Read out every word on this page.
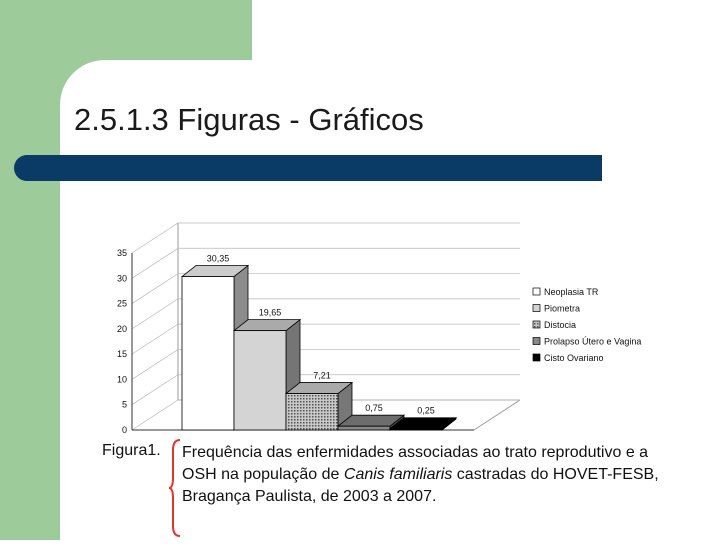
2.5.1.3 Figuras - Gráficos
0
5
10
15
20
25
30
35
30,35
19,65
7,21
0,75	0,25
Neoplasia TR
Piometra
Distocia
Prolapso Útero e Vagina
Cisto Ovariano
Figura1. Frequência das enfermidades associadas ao trato reprodutivo e a OSH na população de Canis familiaris castradas do HOVET-FESB, Bragança Paulista, de 2003 a 2007.
